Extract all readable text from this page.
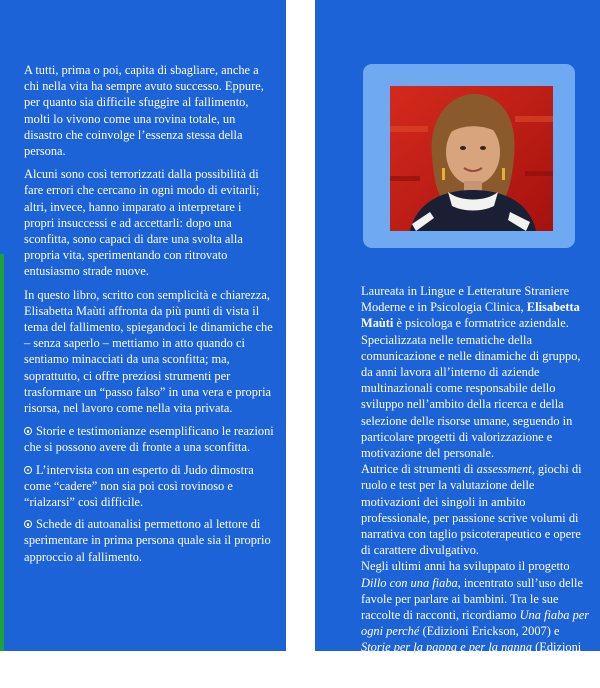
A tutti, prima o poi, capita di sbagliare, anche a chi nella vita ha sempre avuto successo. Eppure, per quanto sia difficile sfuggire al fallimento, molti lo vivono come una rovina totale, un disastro che coinvolge l’essenza stessa della persona.

Alcuni sono così terrorizzati dalla possibilità di fare errori che cercano in ogni modo di evitarli; altri, invece, hanno imparato a interpretare i propri insuccessi e ad accettarli: dopo una sconfitta, sono capaci di dare una svolta alla propria vita, sperimentando con ritrovato entusiasmo strade nuove.

In questo libro, scritto con semplicità e chiarezza, Elisabetta Maùti affronta da più punti di vista il tema del fallimento, spiegandoci le dinamiche che – senza saperlo – mettiamo in atto quando ci sentiamo minacciati da una sconfitta; ma, soprattutto, ci offre preziosi strumenti per trasformare un “passo falso” in una vera e propria risorsa, nel lavoro come nella vita privata.

Storie e testimonianze esemplificano le reazioni che si possono avere di fronte a una sconfitta.

L’intervista con un esperto di Judo dimostra come “cadere” non sia poi così rovinoso e “rialzarsi” così difficile.

Schede di autoanalisi permettono al lettore di sperimentare in prima persona quale sia il proprio approccio al fallimento.

Laureata in Lingue e Letterature Straniere Moderne e in Psicologia Clinica, Elisabetta Maùti è psicologa e formatrice aziendale.

Specializzata nelle tematiche della comunicazione e nelle dinamiche di gruppo, da anni lavora all’interno di aziende multinazionali come responsabile dello sviluppo nell’ambito della ricerca e della selezione delle risorse umane, seguendo in particolare progetti di valorizzazione e motivazione del personale.

Autrice di strumenti di assessment, giochi di ruolo e test per la valutazione delle motivazioni dei singoli in ambito professionale, per passione scrive volumi di narrativa con taglio psicoterapeutico e opere di carattere divulgativo.

Negli ultimi anni ha sviluppato il progetto Dillo con una fiaba, incentrato sull’uso delle favole per parlare ai bambini. Tra le sue raccolte di racconti, ricordiamo Una fiaba per ogni perché (Edizioni Erickson, 2007) e Storie per la pappa e per la nanna (Edizioni Erickson, 2011). Per Giunti Demetra ha realizzato Training Autogeno (2012).
